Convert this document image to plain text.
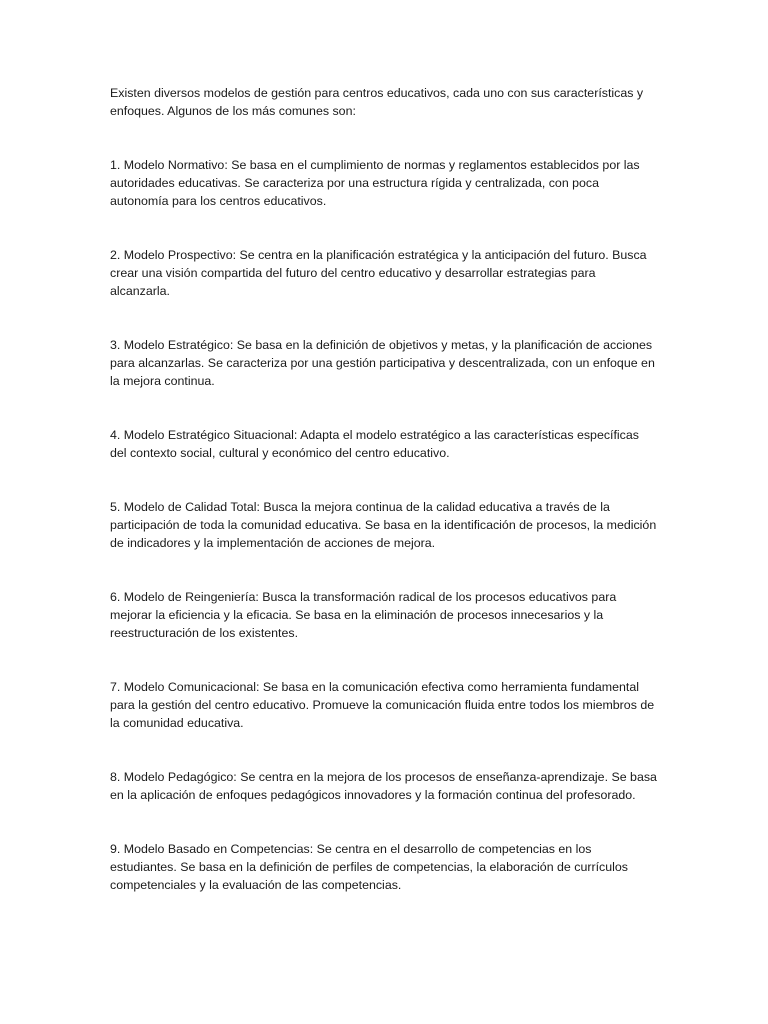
Existen diversos modelos de gestión para centros educativos, cada uno con sus características y enfoques. Algunos de los más comunes son:

1. Modelo Normativo: Se basa en el cumplimiento de normas y reglamentos establecidos por las autoridades educativas. Se caracteriza por una estructura rígida y centralizada, con poca autonomía para los centros educativos.

2. Modelo Prospectivo: Se centra en la planificación estratégica y la anticipación del futuro. Busca crear una visión compartida del futuro del centro educativo y desarrollar estrategias para alcanzarla.

3. Modelo Estratégico: Se basa en la definición de objetivos y metas, y la planificación de acciones para alcanzarlas. Se caracteriza por una gestión participativa y descentralizada, con un enfoque en la mejora continua.

4. Modelo Estratégico Situacional: Adapta el modelo estratégico a las características específicas del contexto social, cultural y económico del centro educativo.

5. Modelo de Calidad Total: Busca la mejora continua de la calidad educativa a través de la participación de toda la comunidad educativa. Se basa en la identificación de procesos, la medición de indicadores y la implementación de acciones de mejora.

6. Modelo de Reingeniería: Busca la transformación radical de los procesos educativos para mejorar la eficiencia y la eficacia. Se basa en la eliminación de procesos innecesarios y la reestructuración de los existentes.

7. Modelo Comunicacional: Se basa en la comunicación efectiva como herramienta fundamental para la gestión del centro educativo. Promueve la comunicación fluida entre todos los miembros de la comunidad educativa.

8. Modelo Pedagógico: Se centra en la mejora de los procesos de enseñanza-aprendizaje. Se basa en la aplicación de enfoques pedagógicos innovadores y la formación continua del profesorado.

9. Modelo Basado en Competencias: Se centra en el desarrollo de competencias en los estudiantes. Se basa en la definición de perfiles de competencias, la elaboración de currículos competenciales y la evaluación de las competencias.
